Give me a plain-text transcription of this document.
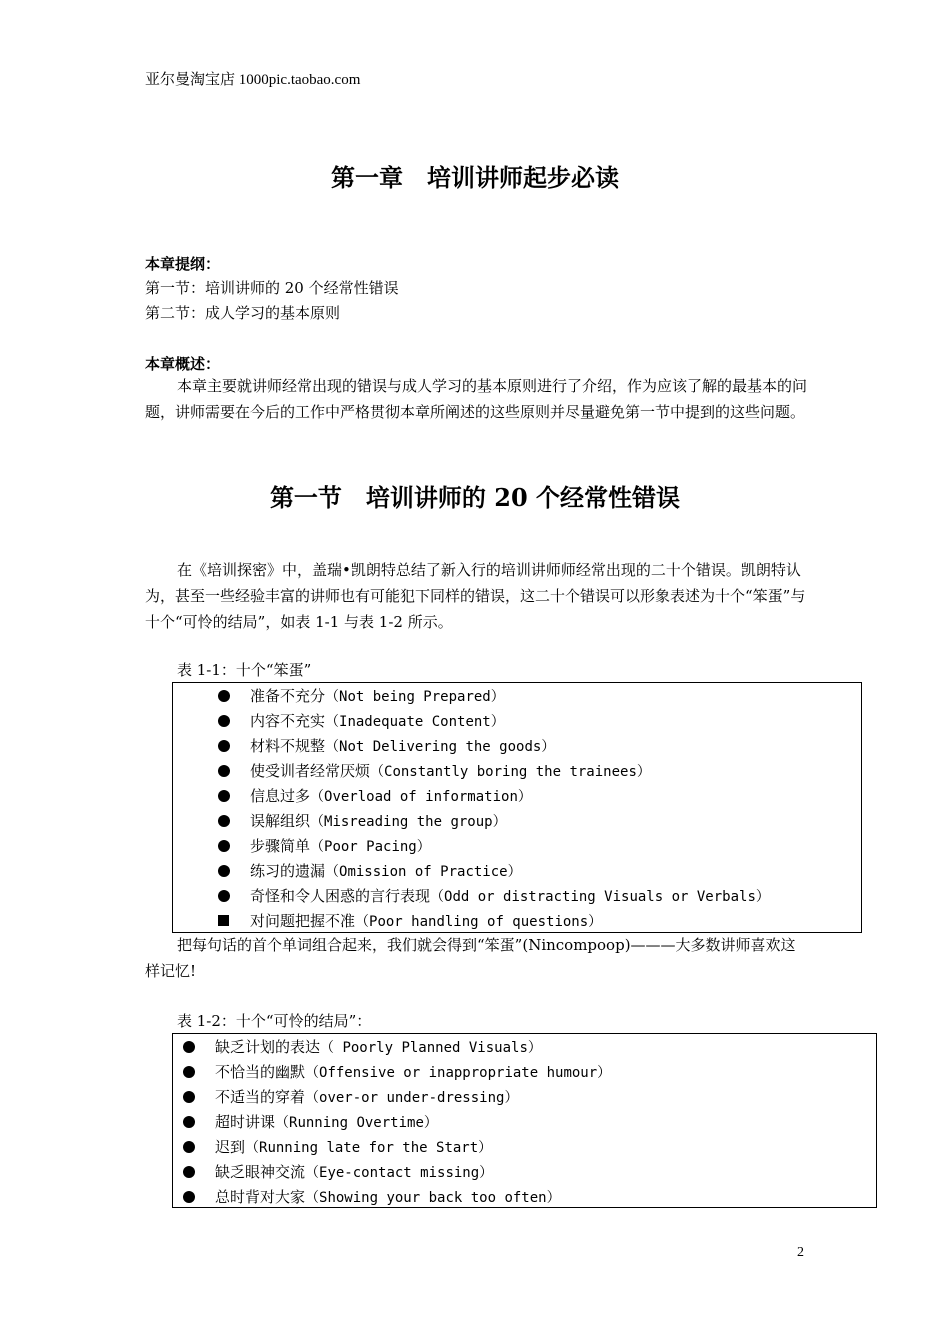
亚尔曼淘宝店 1000pic.taobao.com
第一章　培训讲师起步必读
本章提纲：
第一节：培训讲师的 20 个经常性错误
第二节：成人学习的基本原则
本章概述：

本章主要就讲师经常出现的错误与成人学习的基本原则进行了介绍，作为应该了解的最基本的问题，讲师需要在今后的工作中严格贯彻本章所阐述的这些原则并尽量避免第一节中提到的这些问题。

第一节　培训讲师的 20 个经常性错误

在《培训探密》中，盖瑞•凯朗特总结了新入行的培训讲师师经常出现的二十个错误。凯朗特认为，甚至一些经验丰富的讲师也有可能犯下同样的错误，这二十个错误可以形象表述为十个“笨蛋”与十个“可怜的结局”，如表 1-1 与表 1-2 所示。

表 1-1：十个“笨蛋”
准备不充分 （Not being Prepared）
内容不充实 （Inadequate Content）
材料不规整 （Not Delivering the goods）
使受训者经常厌烦 （Constantly boring the trainees）
信息过多 （Overload of information）
误解组织 （Misreading the group）
步骤简单 （Poor Pacing）
练习的遗漏 （Omission of Practice）
奇怪和令人困惑的言行表现 （Odd or distracting Visuals or Verbals）
对问题把握不准 （Poor handling of questions）

把每句话的首个单词组合起来，我们就会得到“笨蛋”(Nincompoop)———大多数讲师喜欢这样记忆!

表 1-2：十个“可怜的结局”：
缺乏计划的表达 （ Poorly Planned Visuals）
不恰当的幽默 （Offensive or inappropriate humour）
不适当的穿着 （over-or under-dressing）
超时讲课 （Running Overtime）
迟到 （Running late for the Start）
缺乏眼神交流 （Eye-contact missing）
总时背对大家 （Showing your back too often）
2
